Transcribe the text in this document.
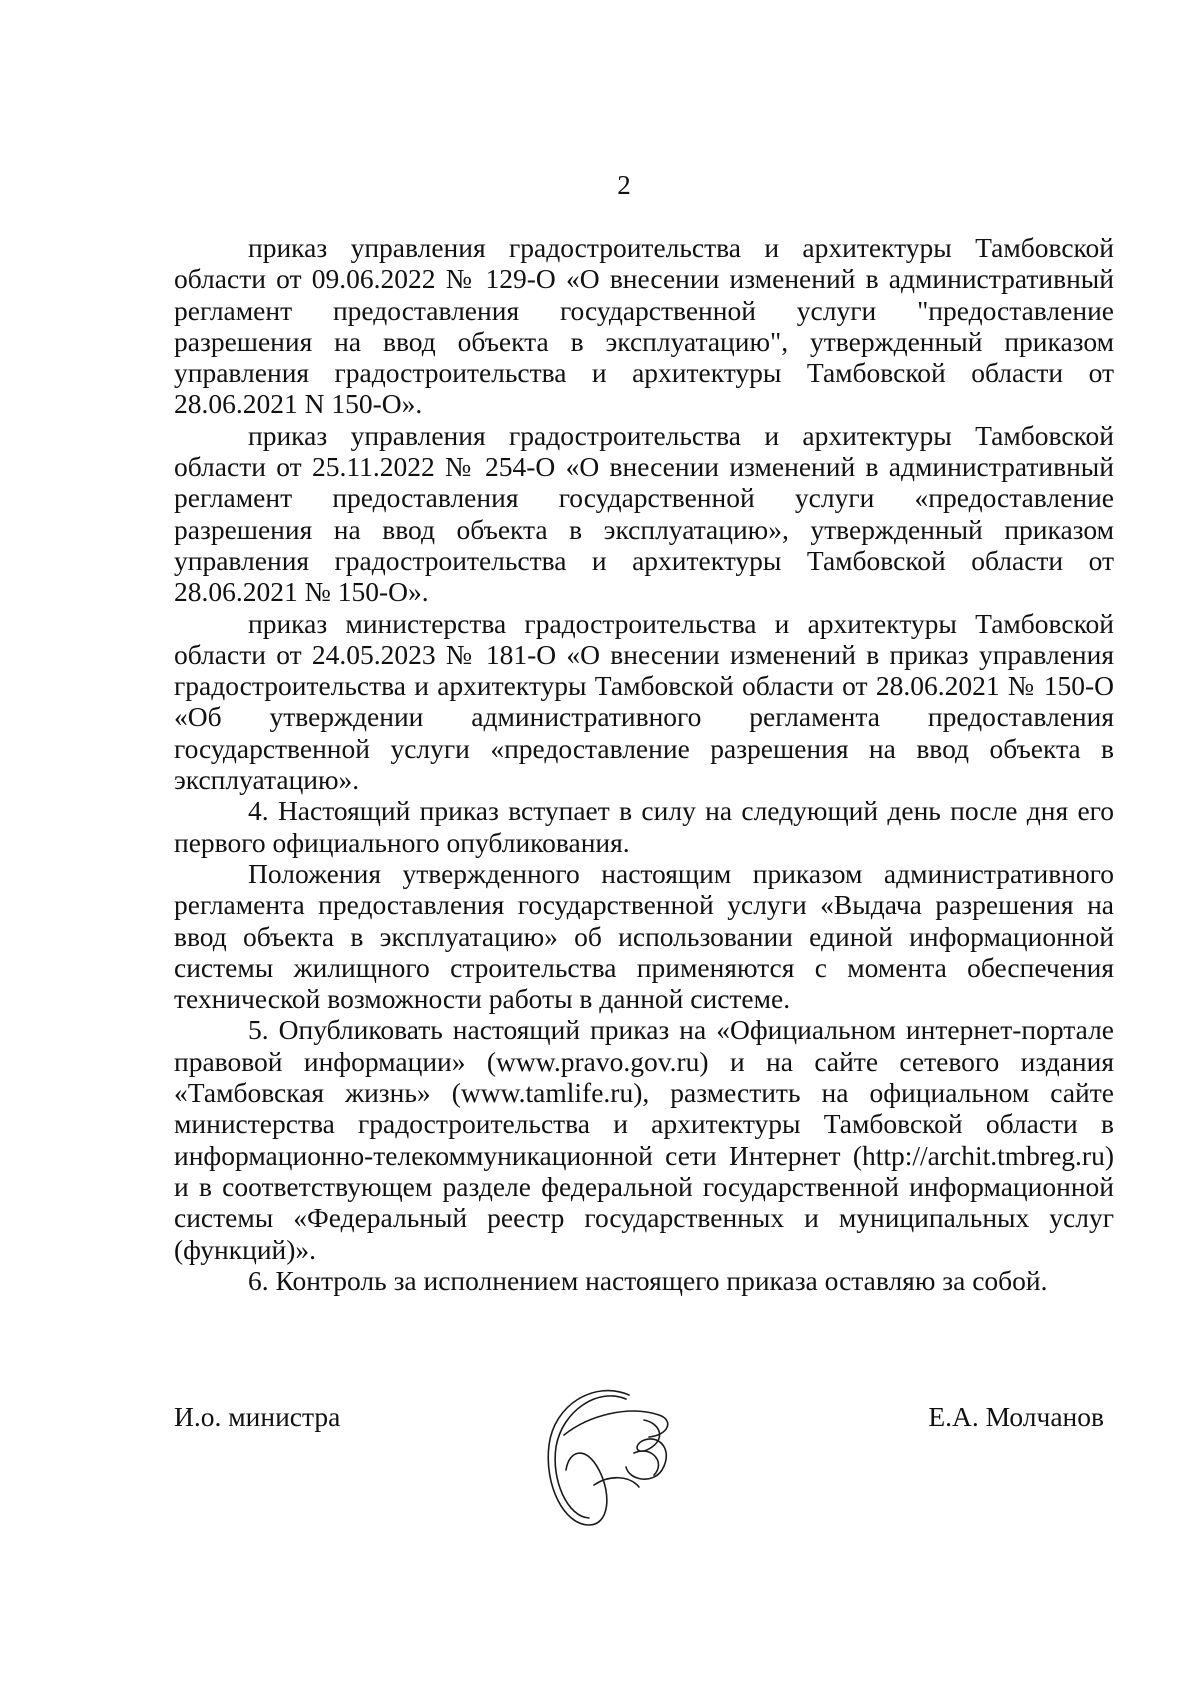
2

приказ управления градостроительства и архитектуры Тамбовской области от 09.06.2022 № 129-О «О внесении изменений в административный регламент предоставления государственной услуги "предоставление разрешения на ввод объекта в эксплуатацию", утвержденный приказом управления градостроительства и архитектуры Тамбовской области от 28.06.2021 N 150-О».

приказ управления градостроительства и архитектуры Тамбовской области от 25.11.2022 № 254-О «О внесении изменений в административный регламент предоставления государственной услуги «предоставление разрешения на ввод объекта в эксплуатацию», утвержденный приказом управления градостроительства и архитектуры Тамбовской области от 28.06.2021 № 150-О».

приказ министерства градостроительства и архитектуры Тамбовской области от 24.05.2023 № 181-О «О внесении изменений в приказ управления градостроительства и архитектуры Тамбовской области от 28.06.2021 № 150-О «Об утверждении административного регламента предоставления государственной услуги «предоставление разрешения на ввод объекта в эксплуатацию».

4. Настоящий приказ вступает в силу на следующий день после дня его первого официального опубликования.

Положения утвержденного настоящим приказом административного регламента предоставления государственной услуги «Выдача разрешения на ввод объекта в эксплуатацию» об использовании единой информационной системы жилищного строительства применяются с момента обеспечения технической возможности работы в данной системе.

5. Опубликовать настоящий приказ на «Официальном интернет-портале правовой информации» (www.pravo.gov.ru) и на сайте сетевого издания «Тамбовская жизнь» (www.tamlife.ru), разместить на официальном сайте министерства градостроительства и архитектуры Тамбовской области в информационно-телекоммуникационной сети Интернет (http://archit.tmbreg.ru) и в соответствующем разделе федеральной государственной информационной системы «Федеральный реестр государственных и муниципальных услуг (функций)».

6. Контроль за исполнением настоящего приказа оставляю за собой.

И.о. министра	Е.А. Молчанов
